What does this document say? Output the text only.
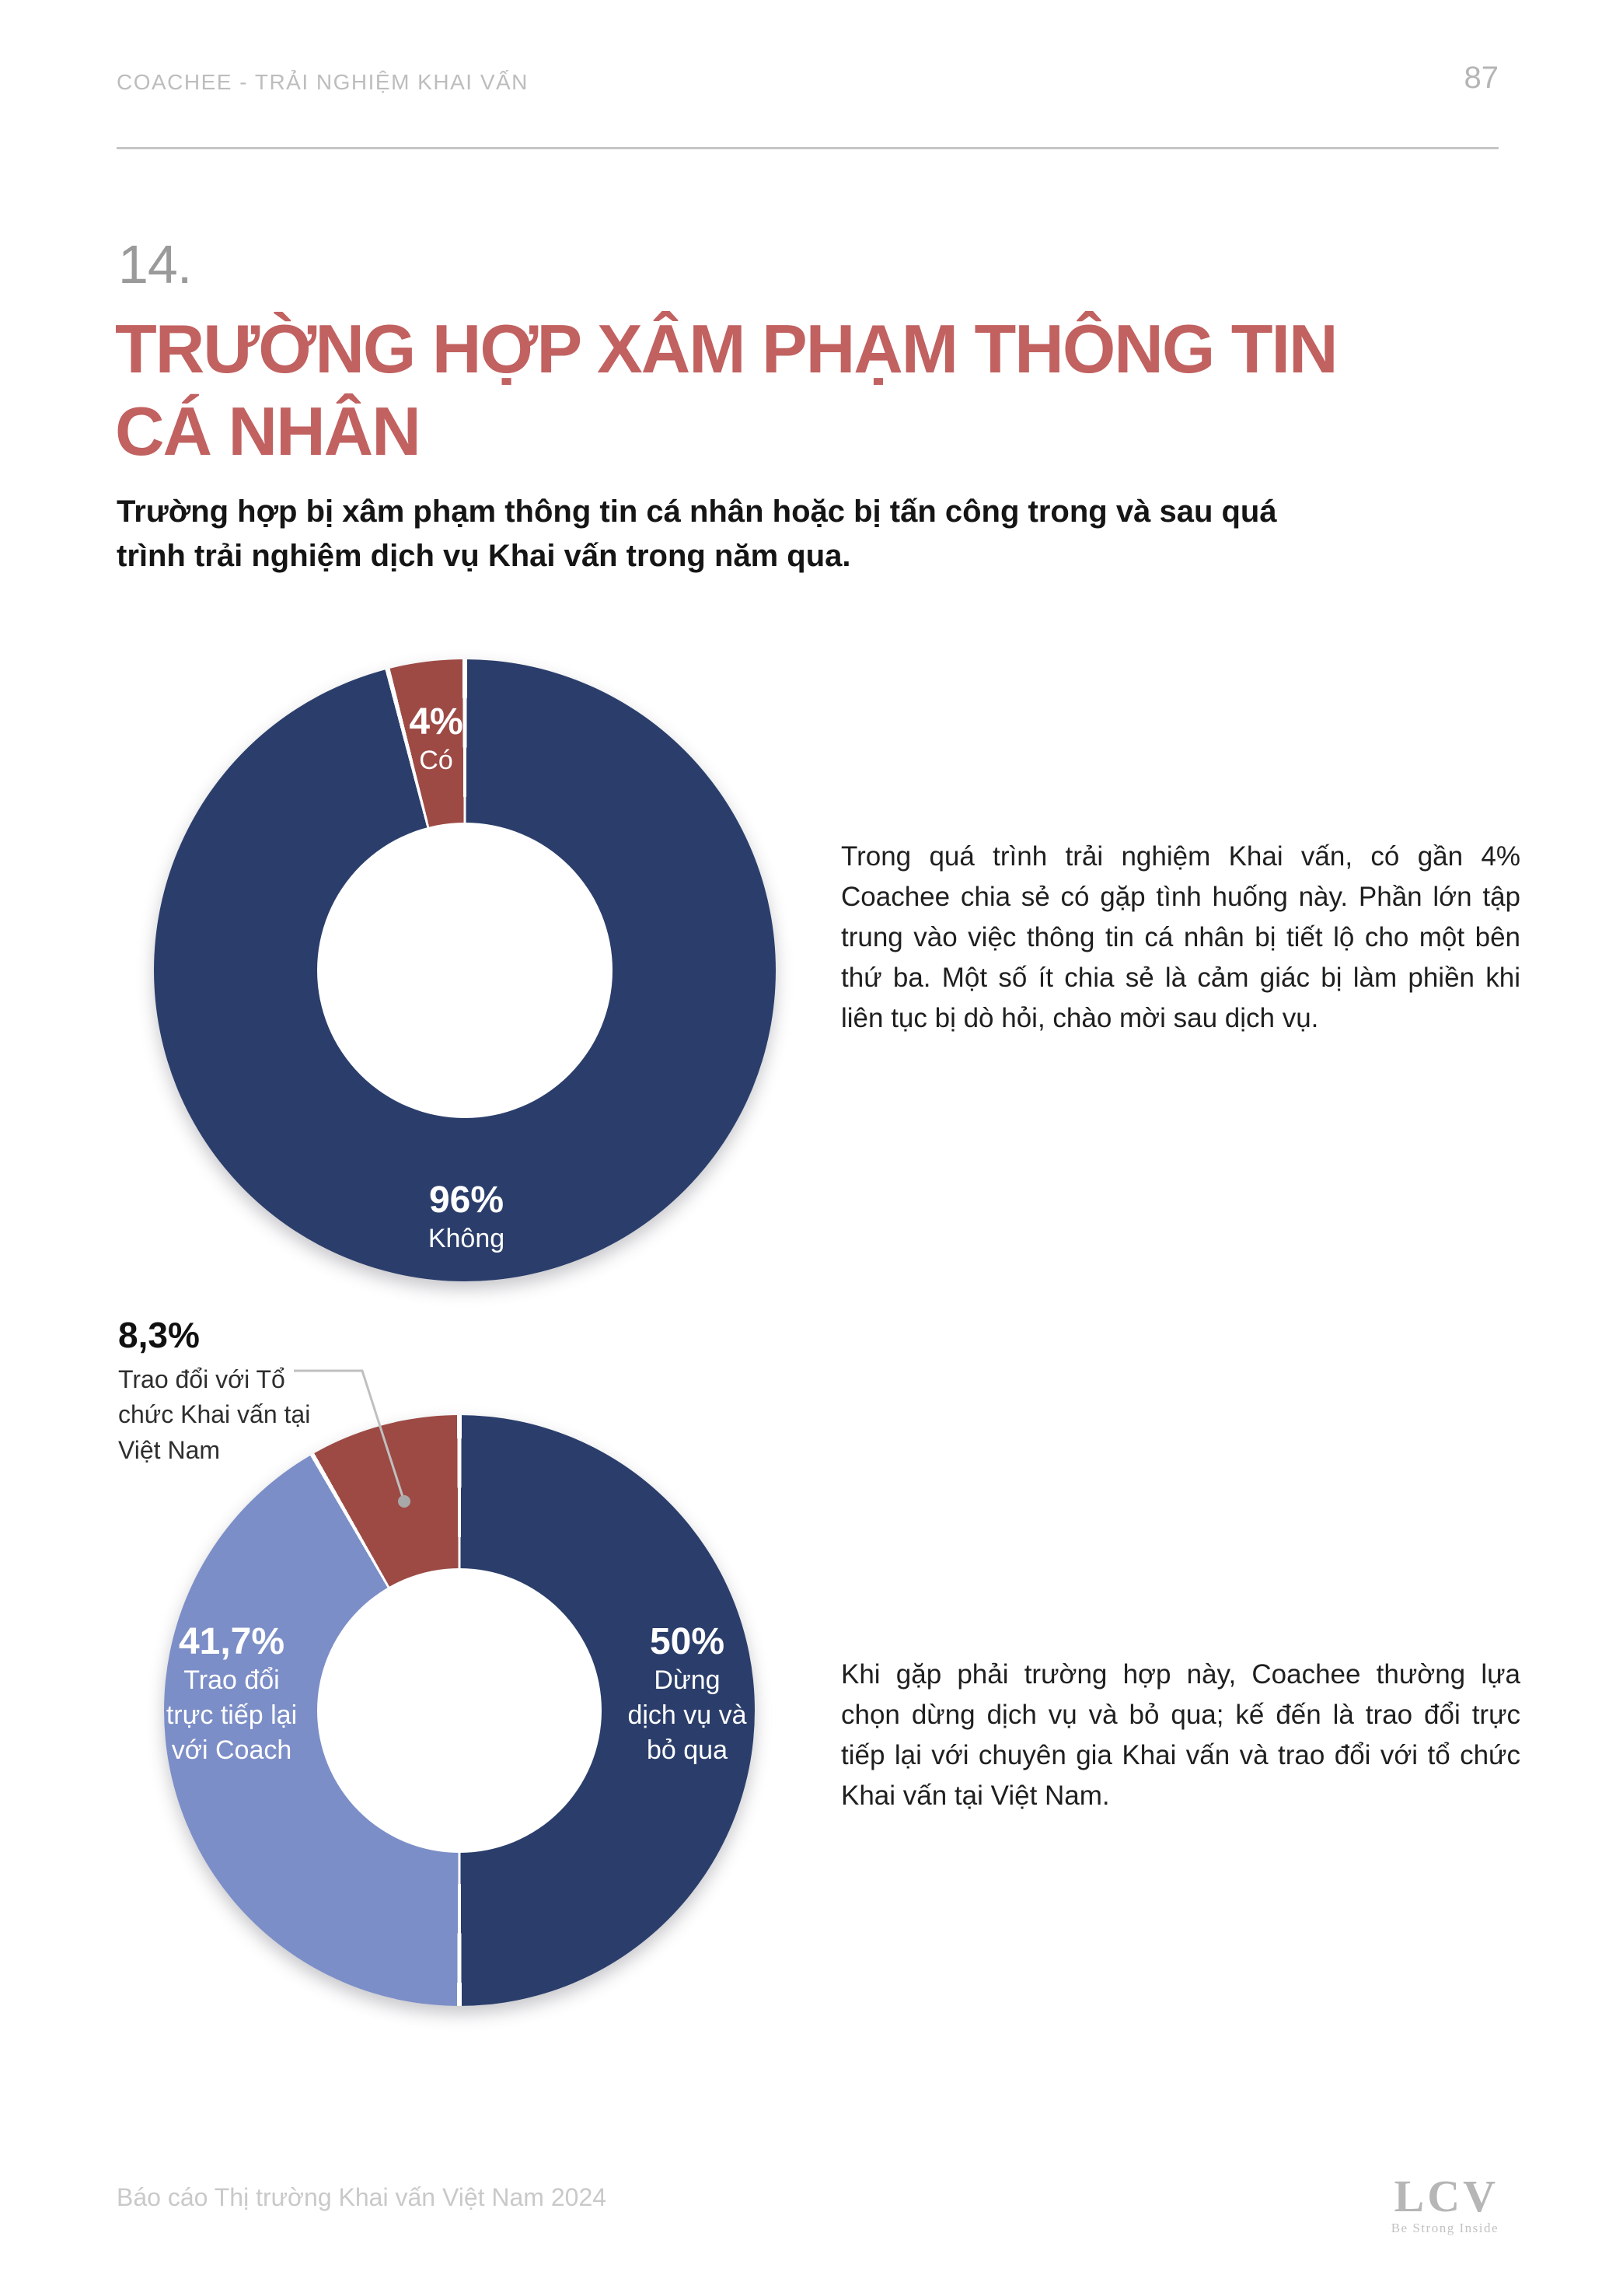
COACHEE - TRẢI NGHIỆM KHAI VẤN	87
14.
TRƯỜNG HỢP XÂM PHẠM THÔNG TIN
CÁ NHÂN
Trường hợp bị xâm phạm thông tin cá nhân hoặc bị tấn công trong và sau quá trình trải nghiệm dịch vụ Khai vấn trong năm qua.
4%
Có
96%
Không
Trong quá trình trải nghiệm Khai vấn, có gần 4% Coachee chia sẻ có gặp tình huống này. Phần lớn tập trung vào việc thông tin cá nhân bị tiết lộ cho một bên thứ ba. Một số ít chia sẻ là cảm giác bị làm phiền khi liên tục bị dò hỏi, chào mời sau dịch vụ.
8,3%
Trao đổi với Tổ
chức Khai vấn tại
Việt Nam
50%
Dừng
dịch vụ và
bỏ qua
41,7%
Trao đổi
trực tiếp lại
với Coach
Khi gặp phải trường hợp này, Coachee thường lựa chọn dừng dịch vụ và bỏ qua; kế đến là trao đổi trực tiếp lại với chuyên gia Khai vấn và trao đổi với tổ chức Khai vấn tại Việt Nam.
Báo cáo Thị trường Khai vấn Việt Nam 2024	LCV
Be Strong Inside
